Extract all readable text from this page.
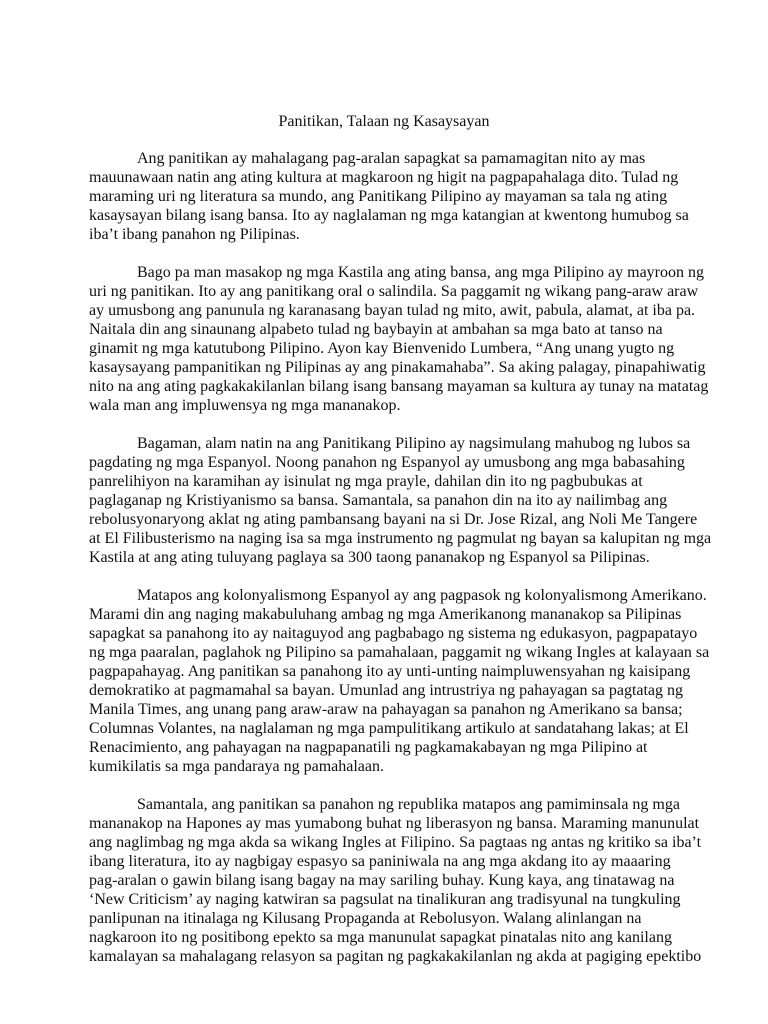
Panitikan, Talaan ng Kasaysayan

Ang panitikan ay mahalagang pag-aralan sapagkat sa pamamagitan nito ay mas
mauunawaan natin ang ating kultura at magkaroon ng higit na pagpapahalaga dito. Tulad ng
maraming uri ng literatura sa mundo, ang Panitikang Pilipino ay mayaman sa tala ng ating
kasaysayan bilang isang bansa. Ito ay naglalaman ng mga katangian at kwentong humubog sa
iba’t ibang panahon ng Pilipinas.

Bago pa man masakop ng mga Kastila ang ating bansa, ang mga Pilipino ay mayroon ng
uri ng panitikan. Ito ay ang panitikang oral o salindila. Sa paggamit ng wikang pang-araw araw
ay umusbong ang panunula ng karanasang bayan tulad ng mito, awit, pabula, alamat, at iba pa.
Naitala din ang sinaunang alpabeto tulad ng baybayin at ambahan sa mga bato at tanso na
ginamit ng mga katutubong Pilipino. Ayon kay Bienvenido Lumbera, “Ang unang yugto ng
kasaysayang pampanitikan ng Pilipinas ay ang pinakamahaba”. Sa aking palagay, pinapahiwatig
nito na ang ating pagkakakilanlan bilang isang bansang mayaman sa kultura ay tunay na matatag
wala man ang impluwensya ng mga mananakop.

Bagaman, alam natin na ang Panitikang Pilipino ay nagsimulang mahubog ng lubos sa
pagdating ng mga Espanyol. Noong panahon ng Espanyol ay umusbong ang mga babasahing
panrelihiyon na karamihan ay isinulat ng mga prayle, dahilan din ito ng pagbubukas at
paglaganap ng Kristiyanismo sa bansa. Samantala, sa panahon din na ito ay nailimbag ang
rebolusyonaryong aklat ng ating pambansang bayani na si Dr. Jose Rizal, ang Noli Me Tangere
at El Filibusterismo na naging isa sa mga instrumento ng pagmulat ng bayan sa kalupitan ng mga
Kastila at ang ating tuluyang paglaya sa 300 taong pananakop ng Espanyol sa Pilipinas.

Matapos ang kolonyalismong Espanyol ay ang pagpasok ng kolonyalismong Amerikano.
Marami din ang naging makabuluhang ambag ng mga Amerikanong mananakop sa Pilipinas
sapagkat sa panahong ito ay naitaguyod ang pagbabago ng sistema ng edukasyon, pagpapatayo
ng mga paaralan, paglahok ng Pilipino sa pamahalaan, paggamit ng wikang Ingles at kalayaan sa
pagpapahayag. Ang panitikan sa panahong ito ay unti-unting naimpluwensyahan ng kaisipang
demokratiko at pagmamahal sa bayan. Umunlad ang intrustriya ng pahayagan sa pagtatag ng
Manila Times, ang unang pang araw-araw na pahayagan sa panahon ng Amerikano sa bansa;
Columnas Volantes, na naglalaman ng mga pampulitikang artikulo at sandatahang lakas; at El
Renacimiento, ang pahayagan na nagpapanatili ng pagkamakabayan ng mga Pilipino at
kumikilatis sa mga pandaraya ng pamahalaan.

Samantala, ang panitikan sa panahon ng republika matapos ang pamiminsala ng mga
mananakop na Hapones ay mas yumabong buhat ng liberasyon ng bansa. Maraming manunulat
ang naglimbag ng mga akda sa wikang Ingles at Filipino. Sa pagtaas ng antas ng kritiko sa iba’t
ibang literatura, ito ay nagbigay espasyo sa paniniwala na ang mga akdang ito ay maaaring
pag-aralan o gawin bilang isang bagay na may sariling buhay. Kung kaya, ang tinatawag na
‘New Criticism’ ay naging katwiran sa pagsulat na tinalikuran ang tradisyunal na tungkuling
panlipunan na itinalaga ng Kilusang Propaganda at Rebolusyon. Walang alinlangan na
nagkaroon ito ng positibong epekto sa mga manunulat sapagkat pinatalas nito ang kanilang
kamalayan sa mahalagang relasyon sa pagitan ng pagkakakilanlan ng akda at pagiging epektibo
